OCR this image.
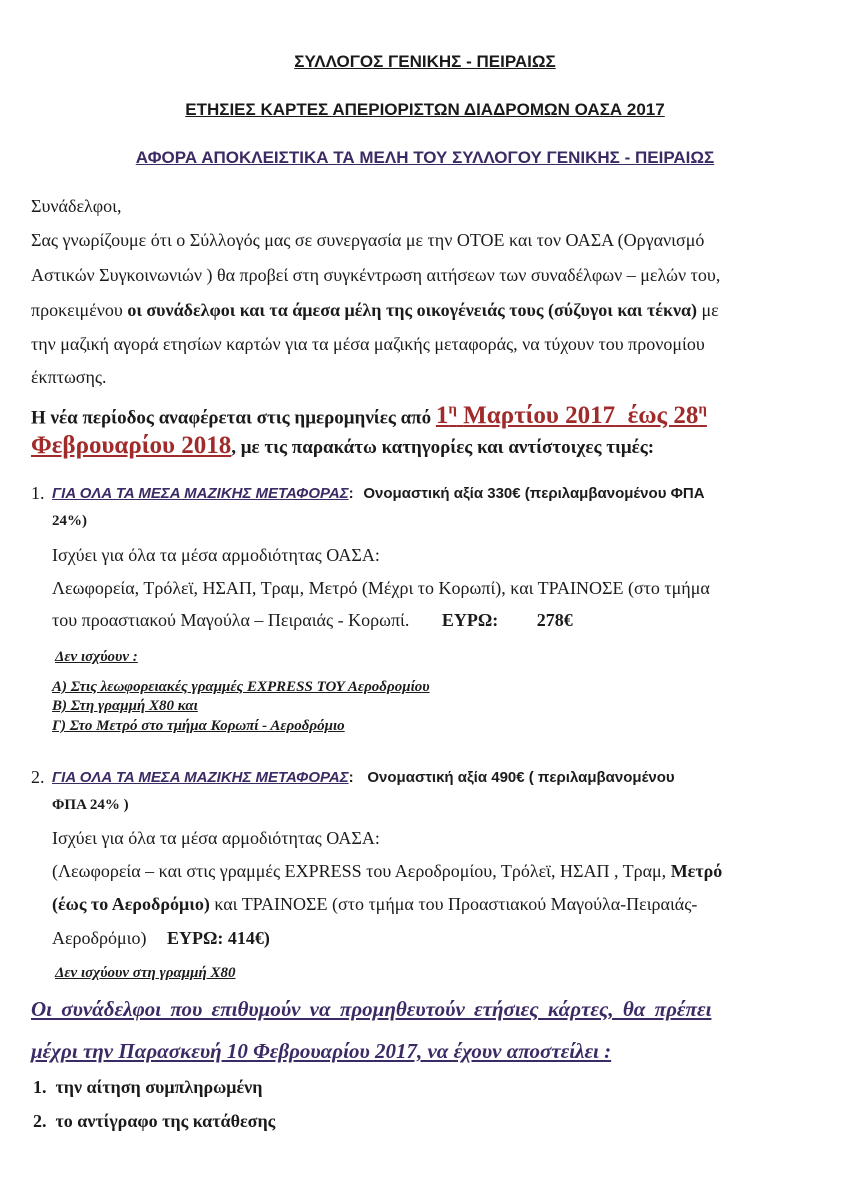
ΣΥΛΛΟΓΟΣ ΓΕΝΙΚΗΣ - ΠΕΙΡΑΙΩΣ
ΕΤΗΣΙΕΣ ΚΑΡΤΕΣ ΑΠΕΡΙΟΡΙΣΤΩΝ ΔΙΑΔΡΟΜΩΝ ΟΑΣΑ 2017
ΑΦΟΡΑ ΑΠΟΚΛΕΙΣΤΙΚΑ ΤΑ ΜΕΛΗ ΤΟΥ ΣΥΛΛΟΓΟΥ ΓΕΝΙΚΗΣ - ΠΕΙΡΑΙΩΣ
Συνάδελφοι,
Σας γνωρίζουμε ότι ο Σύλλογός μας σε συνεργασία με την ΟΤΟΕ και τον ΟΑΣΑ (Οργανισμό
Αστικών Συγκοινωνιών ) θα προβεί στη συγκέντρωση αιτήσεων των συναδέλφων – μελών του,
προκειμένου οι συνάδελφοι και τα άμεσα μέλη της οικογένειάς τους (σύζυγοι και τέκνα) με
την μαζική αγορά ετησίων καρτών για τα μέσα μαζικής μεταφοράς, να τύχουν του προνομίου
έκπτωσης.
Η νέα περίοδος αναφέρεται στις ημερομηνίες από $1^\eta$ Μαρτίου 2017 έως $28^\eta$
Φεβρουαρίου 2018, με τις παρακάτω κατηγορίες και αντίστοιχες τιμές:
1. ΓΙΑ ΟΛΑ ΤΑ ΜΕΣΑ ΜΑΖΙΚΗΣ ΜΕΤΑΦΟΡΑΣ: Ονομαστική αξία 330€ (περιλαμβανομένου ΦΠΑ
24%)
Ισχύει για όλα τα μέσα αρμοδιότητας ΟΑΣΑ:
Λεωφορεία, Τρόλεϊ, ΗΣΑΠ, Τραμ, Μετρό (Μέχρι το Κορωπί), και ΤΡΑΙΝΟΣΕ (στο τμήμα
του προαστιακού Μαγούλα – Πειραιάς - Κορωπί. ΕΥΡΩ: 278€
Δεν ισχύουν :
Α) Στις λεωφορειακές γραμμές EXPRESS ΤΟΥ Αεροδρομίου
Β) Στη γραμμή Χ80 και
Γ) Στο Μετρό στο τμήμα Κορωπί - Αεροδρόμιο
2. ΓΙΑ ΟΛΑ ΤΑ ΜΕΣΑ ΜΑΖΙΚΗΣ ΜΕΤΑΦΟΡΑΣ: Ονομαστική αξία 490€ ( περιλαμβανομένου
ΦΠΑ 24% )
Ισχύει για όλα τα μέσα αρμοδιότητας ΟΑΣΑ:
(Λεωφορεία – και στις γραμμές EXPRESS του Αεροδρομίου, Τρόλεϊ, ΗΣΑΠ , Τραμ, Μετρό
(έως το Αεροδρόμιο) και ΤΡΑΙΝΟΣΕ (στο τμήμα του Προαστιακού Μαγούλα-Πειραιάς-
Αεροδρόμιο) ΕΥΡΩ: 414€)
Δεν ισχύουν στη γραμμή Χ80
Οι συνάδελφοι που επιθυμούν να προμηθευτούν ετήσιες κάρτες, θα πρέπει
μέχρι την Παρασκευή 10 Φεβρουαρίου 2017, να έχουν αποστείλει :
1. την αίτηση συμπληρωμένη
2. το αντίγραφο της κατάθεσης
